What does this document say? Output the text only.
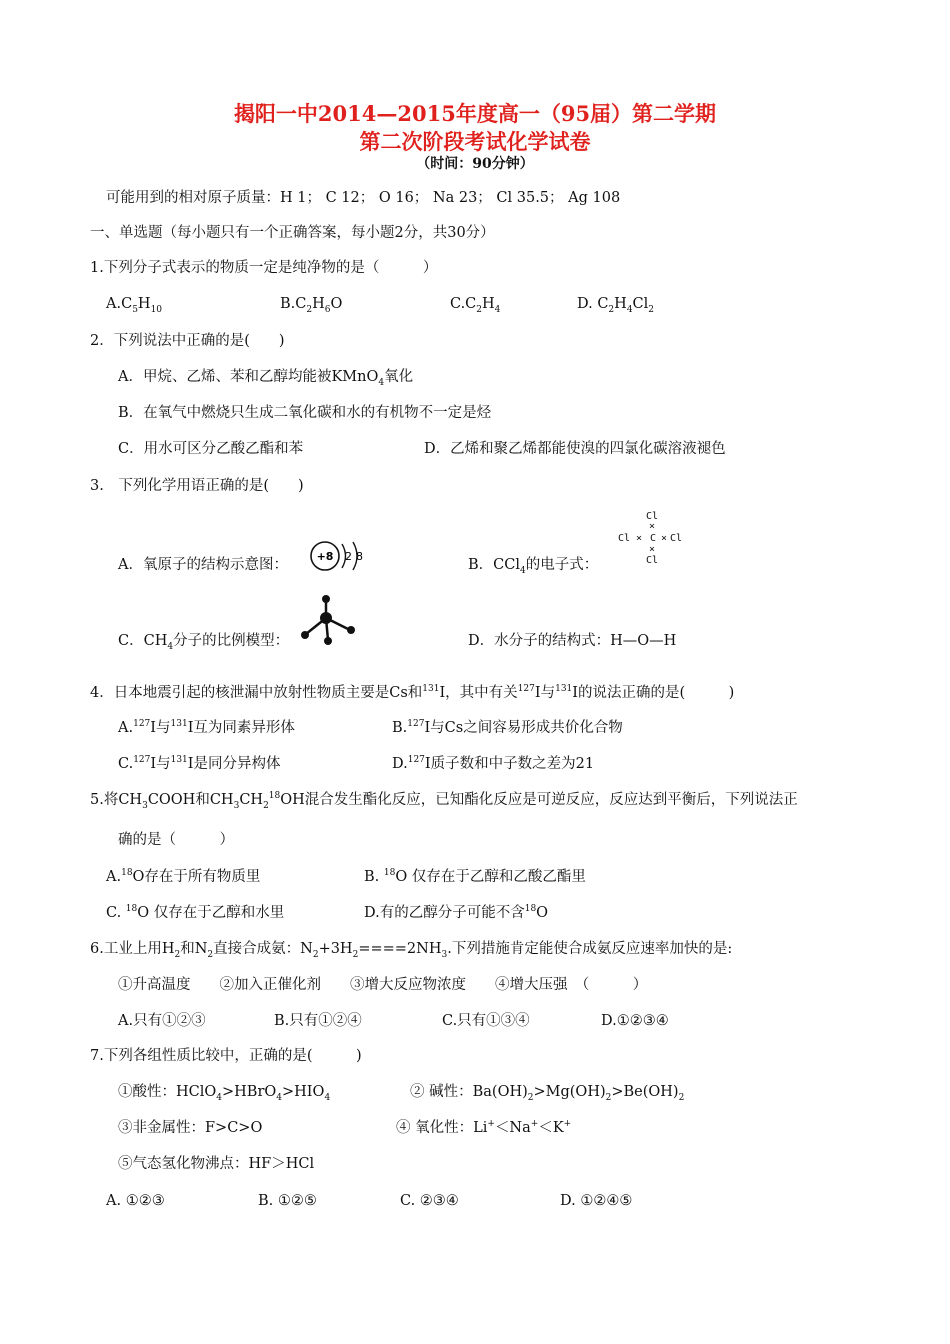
揭阳一中2014—2015年度高一（95届）第二学期
第二次阶段考试化学试卷
（时间：90分钟）
可能用到的相对原子质量：H 1； C 12； O 16； Na 23； Cl 35.5； Ag 108
一、单选题（每小题只有一个正确答案，每小题2分，共30分）
1.下列分子式表示的物质一定是纯净物的是（　　　）
$A.C_5H_{10}$	$B.C_2H_6O$	$C.C_2H_4$	D. $C_2H_4Cl_2$
2．下列说法中正确的是(　　)
A．甲烷、乙烯、苯和乙醇均能被KMnO$_4$氧化
B．在氧气中燃烧只生成二氧化碳和水的有机物不一定是烃
C．用水可区分乙酸乙酯和苯	D．乙烯和聚乙烯都能使溴的四氯化碳溶液褪色
3.　下列化学用语正确的是(　　)
A．氧原子的结构示意图：
+8 2 8
B．CCl$_4$的电子式：
Cl
×
Cl × C × Cl
×
Cl
C．$CH_4$分子的比例模型：	D．水分子的结构式：H—O—H
4．日本地震引起的核泄漏中放射性物质主要是Cs和$^{131}$I，其中有关$^{127}$I与$^{131}$I的说法正确的是(　　　)
A.$^{127}$I与$^{131}$I互为同素异形体	B.$^{127}$I与Cs之间容易形成共价化合物
C.$^{127}$I与$^{131}$I是同分异构体	D.$^{127}$I质子数和中子数之差为21
5.将$CH_3COOH$和$CH_3CH_2^{18}OH$混合发生酯化反应，已知酯化反应是可逆反应，反应达到平衡后，下列说法正
确的是（　　　）
A.$^{18}$O存在于所有物质里	B. $^{18}$O 仅存在于乙醇和乙酸乙酯里
C. $^{18}$O 仅存在于乙醇和水里	D.有的乙醇分子可能不含$^{18}$O
6.工业上用$H_2$和$N_2$直接合成氨：$N_2+3H_2====2NH_3$.下列措施肯定能使合成氨反应速率加快的是:
①升高温度　　②加入正催化剂　　③增大反应物浓度　　④增大压强　（　　　）
A.只有①②③	B.只有①②④	C.只有①③④	D.①②③④
7.下列各组性质比较中，正确的是(　　　)
①酸性：$HClO_4>HBrO_4>HIO_4$	② 碱性：$Ba(OH)_2>Mg(OH)_2>Be(OH)_2$
③非金属性：F>C>O	④ 氧化性：Li+＜Na+＜K+
⑤气态氢化物沸点：HF＞HCl
A. ①②③	B. ①②⑤	C. ②③④	D. ①②④⑤
